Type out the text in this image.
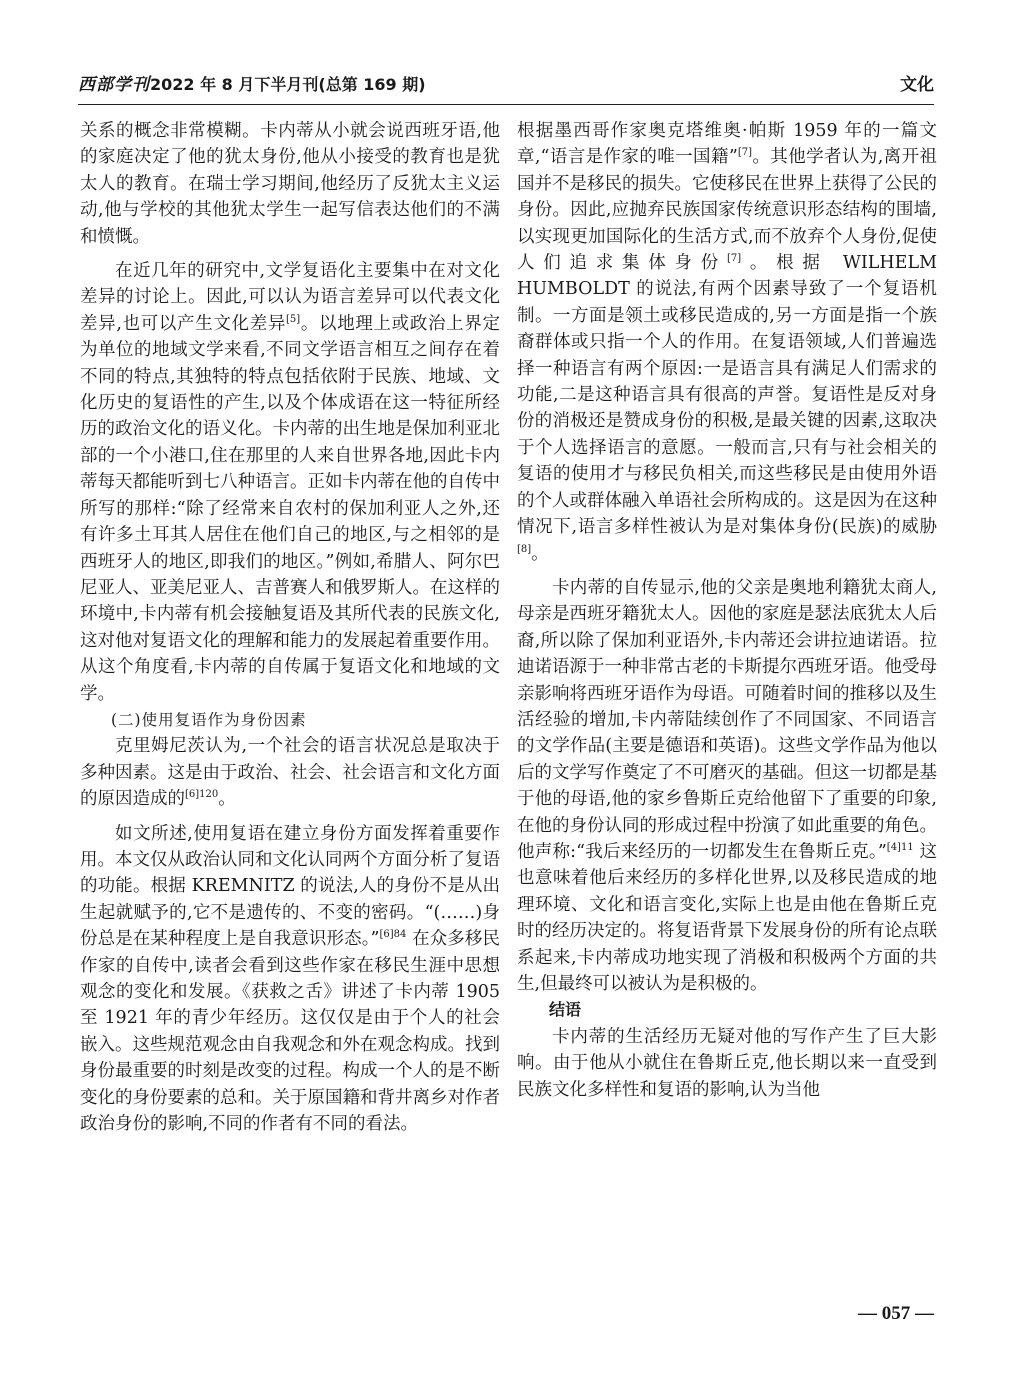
西部学刊2022 年 8 月下半月刊(总第 169 期)	文化

关系的概念非常模糊。卡内蒂从小就会说西班牙语,他的家庭决定了他的犹太身份,他从小接受的教育也是犹太人的教育。在瑞士学习期间,他经历了反犹太主义运动,他与学校的其他犹太学生一起写信表达他们的不满和愤慨。

在近几年的研究中,文学复语化主要集中在对文化差异的讨论上。因此,可以认为语言差异可以代表文化差异,也可以产生文化差异[5]。以地理上或政治上界定为单位的地域文学来看,不同文学语言相互之间存在着不同的特点,其独特的特点包括依附于民族、地域、文化历史的复语性的产生,以及个体成语在这一特征所经历的政治文化的语义化。卡内蒂的出生地是保加利亚北部的一个小港口,住在那里的人来自世界各地,因此卡内蒂每天都能听到七八种语言。正如卡内蒂在他的自传中所写的那样:“除了经常来自农村的保加利亚人之外,还有许多土耳其人居住在他们自己的地区,与之相邻的是西班牙人的地区,即我们的地区。”例如,希腊人、阿尔巴尼亚人、亚美尼亚人、吉普赛人和俄罗斯人。在这样的环境中,卡内蒂有机会接触复语及其所代表的民族文化,这对他对复语文化的理解和能力的发展起着重要作用。从这个角度看,卡内蒂的自传属于复语文化和地域的文学。

(二)使用复语作为身份因素

克里姆尼茨认为,一个社会的语言状况总是取决于多种因素。这是由于政治、社会、社会语言和文化方面的原因造成的$^{[6]120}$。

如文所述,使用复语在建立身份方面发挥着重要作用。本文仅从政治认同和文化认同两个方面分析了复语的功能。根据 KREMNITZ 的说法,人的身份不是从出生起就赋予的,它不是遗传的、不变的密码。“(……)身份总是在某种程度上是自我意识形态。”$^{[6]84}$ 在众多移民作家的自传中,读者会看到这些作家在移民生涯中思想观念的变化和发展。《获救之舌》讲述了卡内蒂 1905 至 1921 年的青少年经历。这仅仅是由于个人的社会嵌入。这些规范观念由自我观念和外在观念构成。找到身份最重要的时刻是改变的过程。构成一个人的是不断变化的身份要素的总和。关于原国籍和背井离乡对作者政治身份的影响,不同的作者有不同的看法。

根据墨西哥作家奥克塔维奥·帕斯 1959 年的一篇文章,“语言是作家的唯一国籍”[7]。其他学者认为,离开祖国并不是移民的损失。它使移民在世界上获得了公民的身份。因此,应抛弃民族国家传统意识形态结构的围墙,以实现更加国际化的生活方式,而不放弃个人身份,促使人们追求集体身份[7]。根据 WILHELM HUMBOLDT 的说法,有两个因素导致了一个复语机制。一方面是领土或移民造成的,另一方面是指一个族裔群体或只指一个人的作用。在复语领域,人们普遍选择一种语言有两个原因:一是语言具有满足人们需求的功能,二是这种语言具有很高的声誉。复语性是反对身份的消极还是赞成身份的积极,是最关键的因素,这取决于个人选择语言的意愿。一般而言,只有与社会相关的复语的使用才与移民负相关,而这些移民是由使用外语的个人或群体融入单语社会所构成的。这是因为在这种情况下,语言多样性被认为是对集体身份(民族)的威胁[8]。

卡内蒂的自传显示,他的父亲是奥地利籍犹太商人,母亲是西班牙籍犹太人。因他的家庭是瑟法底犹太人后裔,所以除了保加利亚语外,卡内蒂还会讲拉迪诺语。拉迪诺语源于一种非常古老的卡斯提尔西班牙语。他受母亲影响将西班牙语作为母语。可随着时间的推移以及生活经验的增加,卡内蒂陆续创作了不同国家、不同语言的文学作品(主要是德语和英语)。这些文学作品为他以后的文学写作奠定了不可磨灭的基础。但这一切都是基于他的母语,他的家乡鲁斯丘克给他留下了重要的印象,在他的身份认同的形成过程中扮演了如此重要的角色。他声称:“我后来经历的一切都发生在鲁斯丘克。”$^{[4]11}$ 这也意味着他后来经历的多样化世界,以及移民造成的地理环境、文化和语言变化,实际上也是由他在鲁斯丘克时的经历决定的。将复语背景下发展身份的所有论点联系起来,卡内蒂成功地实现了消极和积极两个方面的共生,但最终可以被认为是积极的。

结语

卡内蒂的生活经历无疑对他的写作产生了巨大影响。由于他从小就住在鲁斯丘克,他长期以来一直受到民族文化多样性和复语的影响,认为当他

— 057 —
